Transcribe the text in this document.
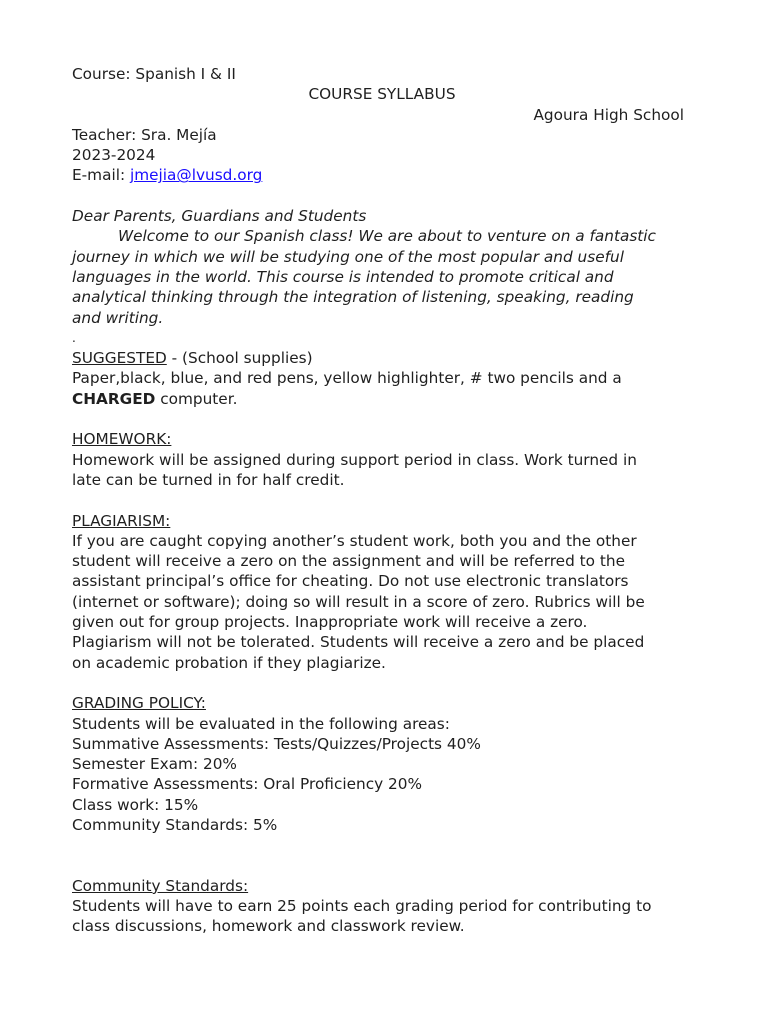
Course: Spanish I & II
COURSE SYLLABUS
Agoura High School
Teacher: Sra. Mejía
2023-2024
E-mail: jmejia@lvusd.org
Dear Parents, Guardians and Students
Welcome to our Spanish class! We are about to venture on a fantastic
journey in which we will be studying one of the most popular and useful
languages in the world. This course is intended to promote critical and
analytical thinking through the integration of listening, speaking, reading
and writing.
.
SUGGESTED - (School supplies)
Paper,black, blue, and red pens, yellow highlighter, # two pencils and a
CHARGED computer.
HOMEWORK:
Homework will be assigned during support period in class. Work turned in
late can be turned in for half credit.
PLAGIARISM:
If you are caught copying another’s student work, both you and the other
student will receive a zero on the assignment and will be referred to the
assistant principal’s office for cheating. Do not use electronic translators
(internet or software); doing so will result in a score of zero. Rubrics will be
given out for group projects. Inappropriate work will receive a zero.
Plagiarism will not be tolerated. Students will receive a zero and be placed
on academic probation if they plagiarize.
GRADING POLICY:
Students will be evaluated in the following areas:
Summative Assessments: Tests/Quizzes/Projects 40%
Semester Exam: 20%
Formative Assessments: Oral Proficiency 20%
Class work: 15%
Community Standards: 5%
Community Standards:
Students will have to earn 25 points each grading period for contributing to
class discussions, homework and classwork review.
